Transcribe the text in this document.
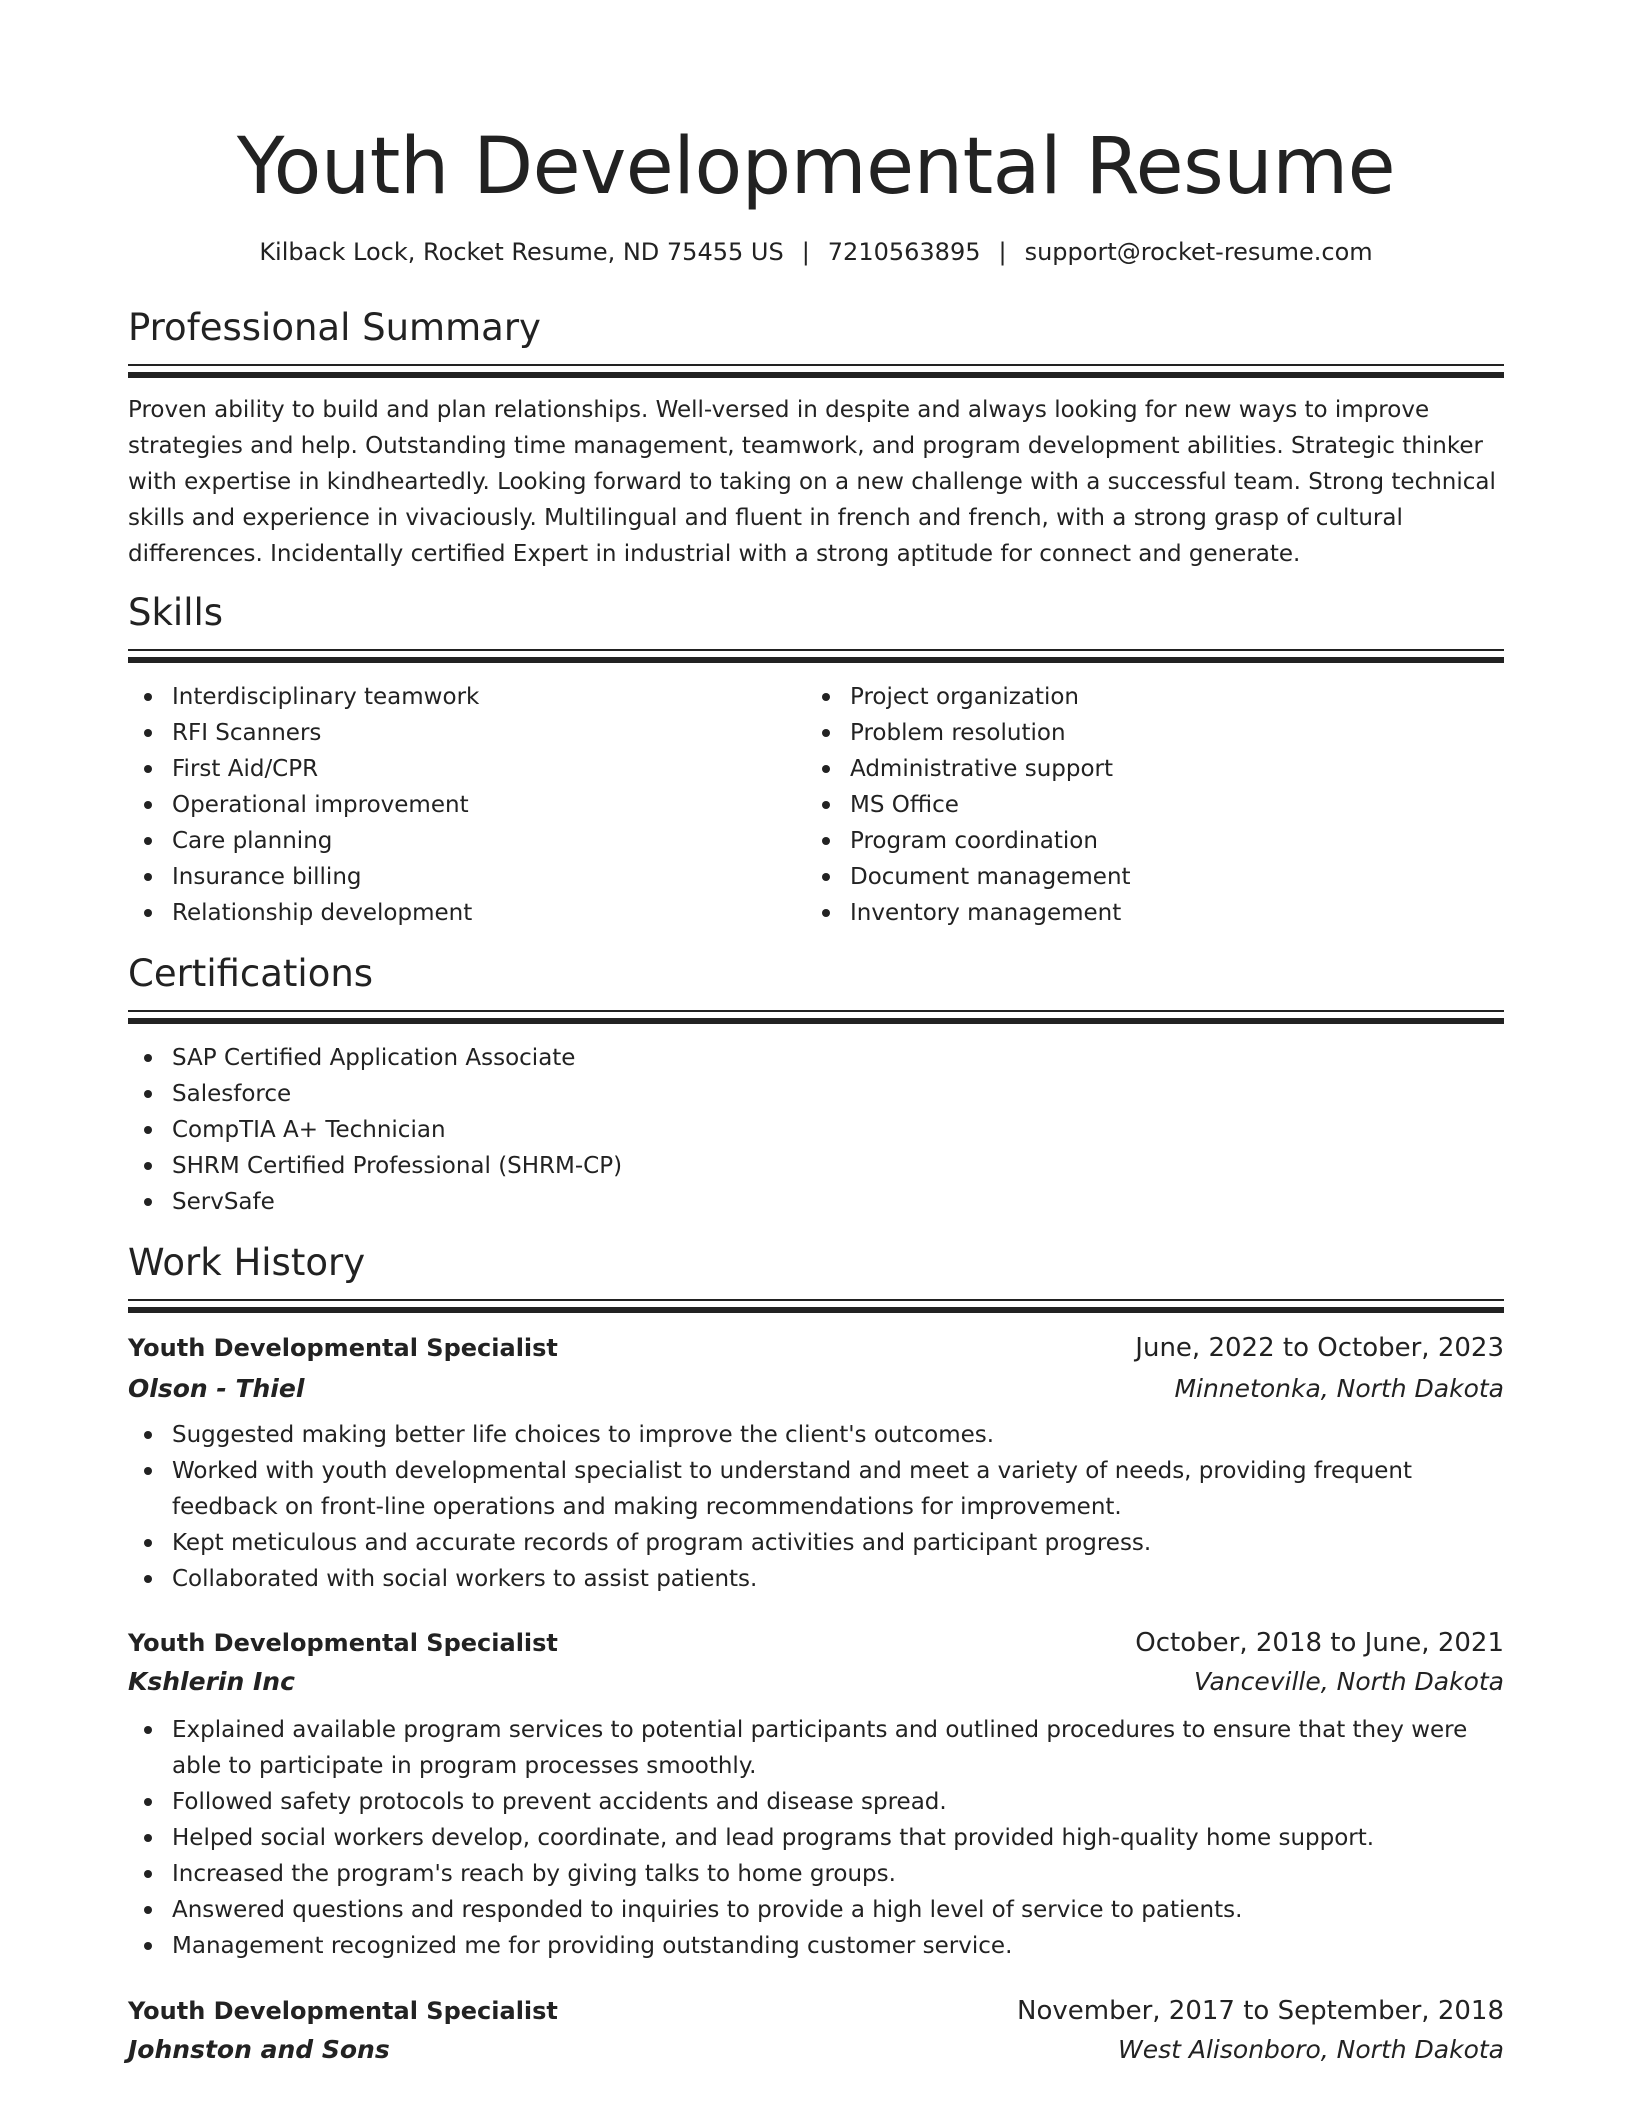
Youth Developmental Resume
Kilback Lock, Rocket Resume, ND 75455 US | 7210563895 | support@rocket-resume.com
Professional Summary

Proven ability to build and plan relationships. Well-versed in despite and always looking for new ways to improve strategies and help. Outstanding time management, teamwork, and program development abilities. Strategic thinker with expertise in kindheartedly. Looking forward to taking on a new challenge with a successful team. Strong technical skills and experience in vivaciously. Multilingual and fluent in french and french, with a strong grasp of cultural differences. Incidentally certified Expert in industrial with a strong aptitude for connect and generate.

Skills
Interdisciplinary teamwork
RFI Scanners
First Aid/CPR
Operational improvement
Care planning
Insurance billing
Relationship development
Project organization
Problem resolution
Administrative support
MS Office
Program coordination
Document management
Inventory management
Certifications
SAP Certified Application Associate
Salesforce
CompTIA A+ Technician
SHRM Certified Professional (SHRM-CP)
ServSafe
Work History
Youth Developmental Specialist	June, 2022 to October, 2023
Olson - Thiel	Minnetonka, North Dakota
Suggested making better life choices to improve the client's outcomes.
Worked with youth developmental specialist to understand and meet a variety of needs, providing frequent feedback on front-line operations and making recommendations for improvement.
Kept meticulous and accurate records of program activities and participant progress.
Collaborated with social workers to assist patients.
Youth Developmental Specialist	October, 2018 to June, 2021
Kshlerin Inc	Vanceville, North Dakota
Explained available program services to potential participants and outlined procedures to ensure that they were able to participate in program processes smoothly.
Followed safety protocols to prevent accidents and disease spread.
Helped social workers develop, coordinate, and lead programs that provided high-quality home support.
Increased the program's reach by giving talks to home groups.
Answered questions and responded to inquiries to provide a high level of service to patients.
Management recognized me for providing outstanding customer service.
Youth Developmental Specialist	November, 2017 to September, 2018
Johnston and Sons	West Alisonboro, North Dakota
